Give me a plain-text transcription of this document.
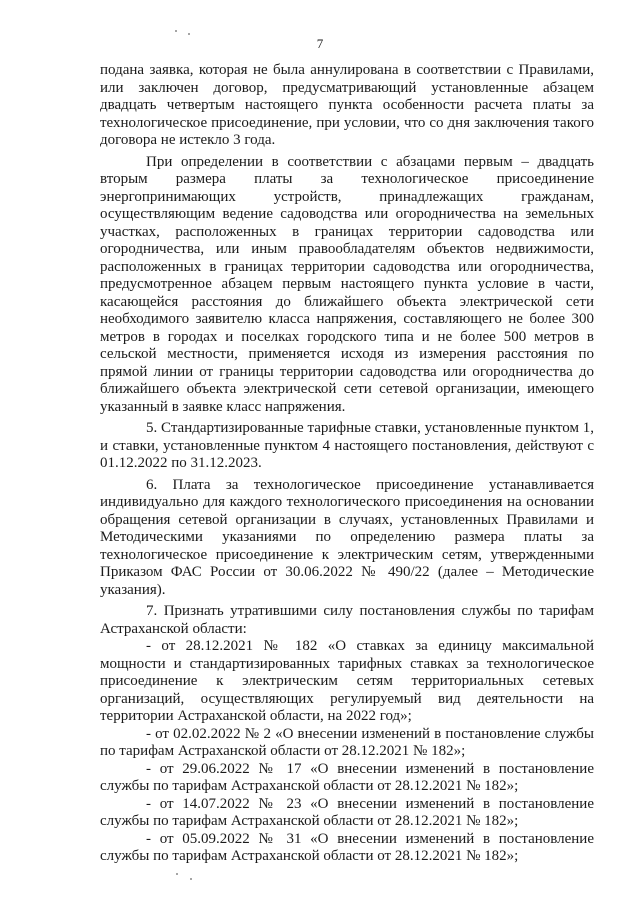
7

подана заявка, которая не была аннулирована в соответствии с Правилами, или заключен договор, предусматривающий установленные абзацем двадцать четвертым настоящего пункта особенности расчета платы за технологическое присоединение, при условии, что со дня заключения такого договора не истекло 3 года.

При определении в соответствии с абзацами первым – двадцать вторым размера платы за технологическое присоединение энергопринимающих устройств, принадлежащих гражданам, осуществляющим ведение садоводства или огородничества на земельных участках, расположенных в границах территории садоводства или огородничества, или иным правообладателям объектов недвижимости, расположенных в границах территории садоводства или огородничества, предусмотренное абзацем первым настоящего пункта условие в части, касающейся расстояния до ближайшего объекта электрической сети необходимого заявителю класса напряжения, составляющего не более 300 метров в городах и поселках городского типа и не более 500 метров в сельской местности, применяется исходя из измерения расстояния по прямой линии от границы территории садоводства или огородничества до ближайшего объекта электрической сети сетевой организации, имеющего указанный в заявке класс напряжения.

5. Стандартизированные тарифные ставки, установленные пунктом 1, и ставки, установленные пунктом 4 настоящего постановления, действуют с 01.12.2022 по 31.12.2023.

6. Плата за технологическое присоединение устанавливается индивидуально для каждого технологического присоединения на основании обращения сетевой организации в случаях, установленных Правилами и Методическими указаниями по определению размера платы за технологическое присоединение к электрическим сетям, утвержденными Приказом ФАС России от 30.06.2022 № 490/22 (далее – Методические указания).

7. Признать утратившими силу постановления службы по тарифам Астраханской области:

- от 28.12.2021 № 182 «О ставках за единицу максимальной мощности и стандартизированных тарифных ставках за технологическое присоединение к электрическим сетям территориальных сетевых организаций, осуществляющих регулируемый вид деятельности на территории Астраханской области, на 2022 год»;

- от 02.02.2022 № 2 «О внесении изменений в постановление службы по тарифам Астраханской области от 28.12.2021 № 182»;

- от 29.06.2022 № 17 «О внесении изменений в постановление службы по тарифам Астраханской области от 28.12.2021 № 182»;

- от 14.07.2022 № 23 «О внесении изменений в постановление службы по тарифам Астраханской области от 28.12.2021 № 182»;

- от 05.09.2022 № 31 «О внесении изменений в постановление службы по тарифам Астраханской области от 28.12.2021 № 182»;
